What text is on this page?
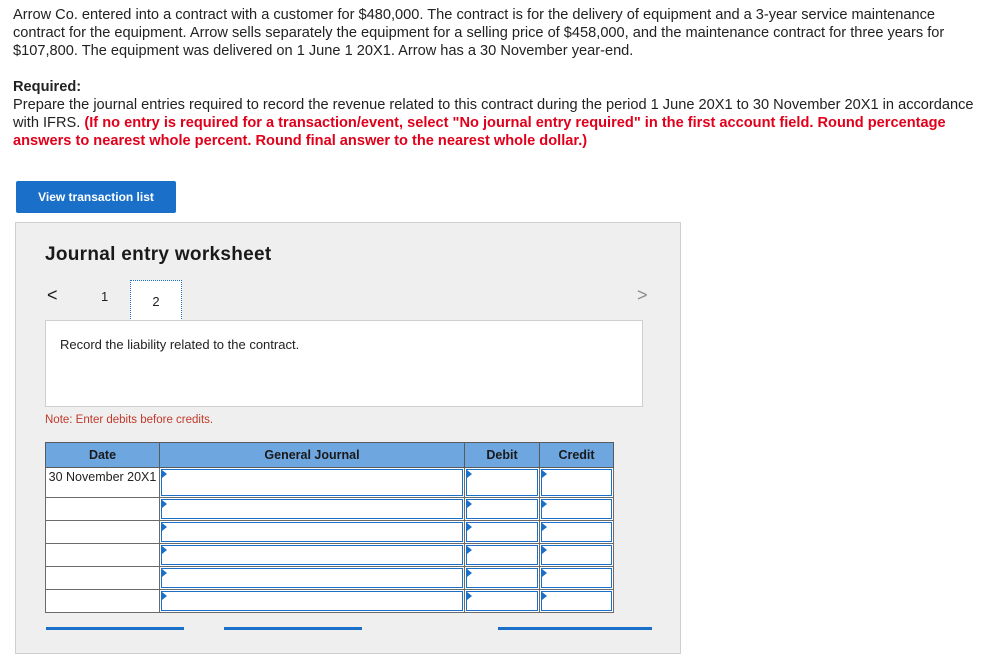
Arrow Co. entered into a contract with a customer for $480,000. The contract is for the delivery of equipment and a 3-year service maintenance contract for the equipment. Arrow sells separately the equipment for a selling price of $458,000, and the maintenance contract for three years for $107,800. The equipment was delivered on 1 June 1 20X1. Arrow has a 30 November year-end.
Required:
Prepare the journal entries required to record the revenue related to this contract during the period 1 June 20X1 to 30 November 20X1 in accordance with IFRS. (If no entry is required for a transaction/event, select "No journal entry required" in the first account field. Round percentage answers to nearest whole percent. Round final answer to the nearest whole dollar.)
View transaction list
Journal entry worksheet
<	1	2	>
Record the liability related to the contract.
Note: Enter debits before credits.
Date	General Journal	Debit	Credit
30 November 20X1	
